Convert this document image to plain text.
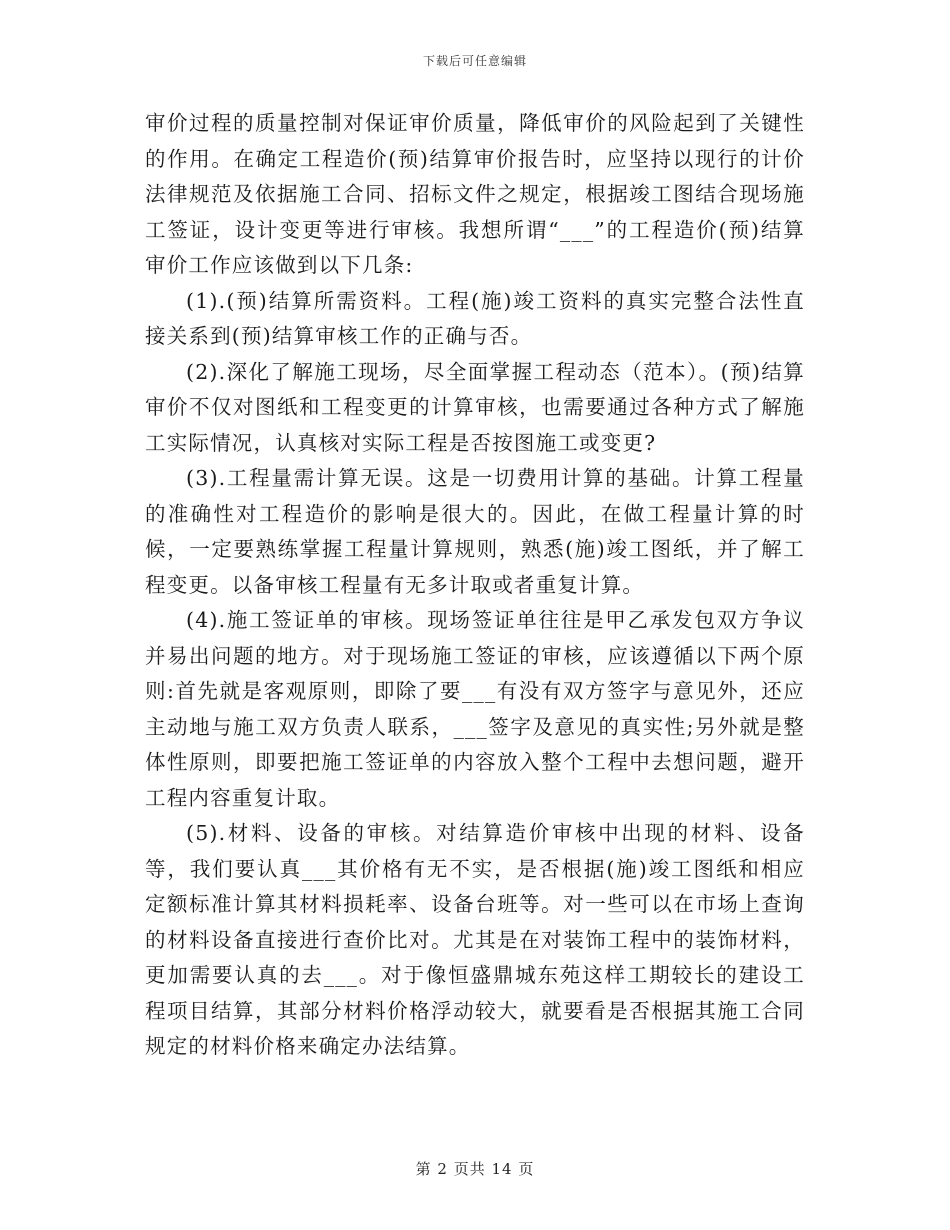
下载后可任意编辑

审价过程的质量控制对保证审价质量，降低审价的风险起到了关键性的作用。在确定工程造价(预)结算审价报告时，应坚持以现行的计价法律规范及依据施工合同、招标文件之规定，根据竣工图结合现场施工签证，设计变更等进行审核。我想所谓“___”的工程造价(预)结算审价工作应该做到以下几条:

(1).(预)结算所需资料。工程(施)竣工资料的真实完整合法性直接关系到(预)结算审核工作的正确与否。

(2).深化了解施工现场，尽全面掌握工程动态（范本）。(预)结算审价不仅对图纸和工程变更的计算审核，也需要通过各种方式了解施工实际情况，认真核对实际工程是否按图施工或变更?

(3).工程量需计算无误。这是一切费用计算的基础。计算工程量的准确性对工程造价的影响是很大的。因此，在做工程量计算的时候，一定要熟练掌握工程量计算规则，熟悉(施)竣工图纸，并了解工程变更。以备审核工程量有无多计取或者重复计算。

(4).施工签证单的审核。现场签证单往往是甲乙承发包双方争议并易出问题的地方。对于现场施工签证的审核，应该遵循以下两个原则:首先就是客观原则，即除了要___有没有双方签字与意见外，还应主动地与施工双方负责人联系，___签字及意见的真实性;另外就是整体性原则，即要把施工签证单的内容放入整个工程中去想问题，避开工程内容重复计取。

(5).材料、设备的审核。对结算造价审核中出现的材料、设备等，我们要认真___其价格有无不实，是否根据(施)竣工图纸和相应定额标准计算其材料损耗率、设备台班等。对一些可以在市场上查询的材料设备直接进行查价比对。尤其是在对装饰工程中的装饰材料，更加需要认真的去___。对于像恒盛鼎城东苑这样工期较长的建设工程项目结算，其部分材料价格浮动较大，就要看是否根据其施工合同规定的材料价格来确定办法结算。

第 2 页共 14 页
